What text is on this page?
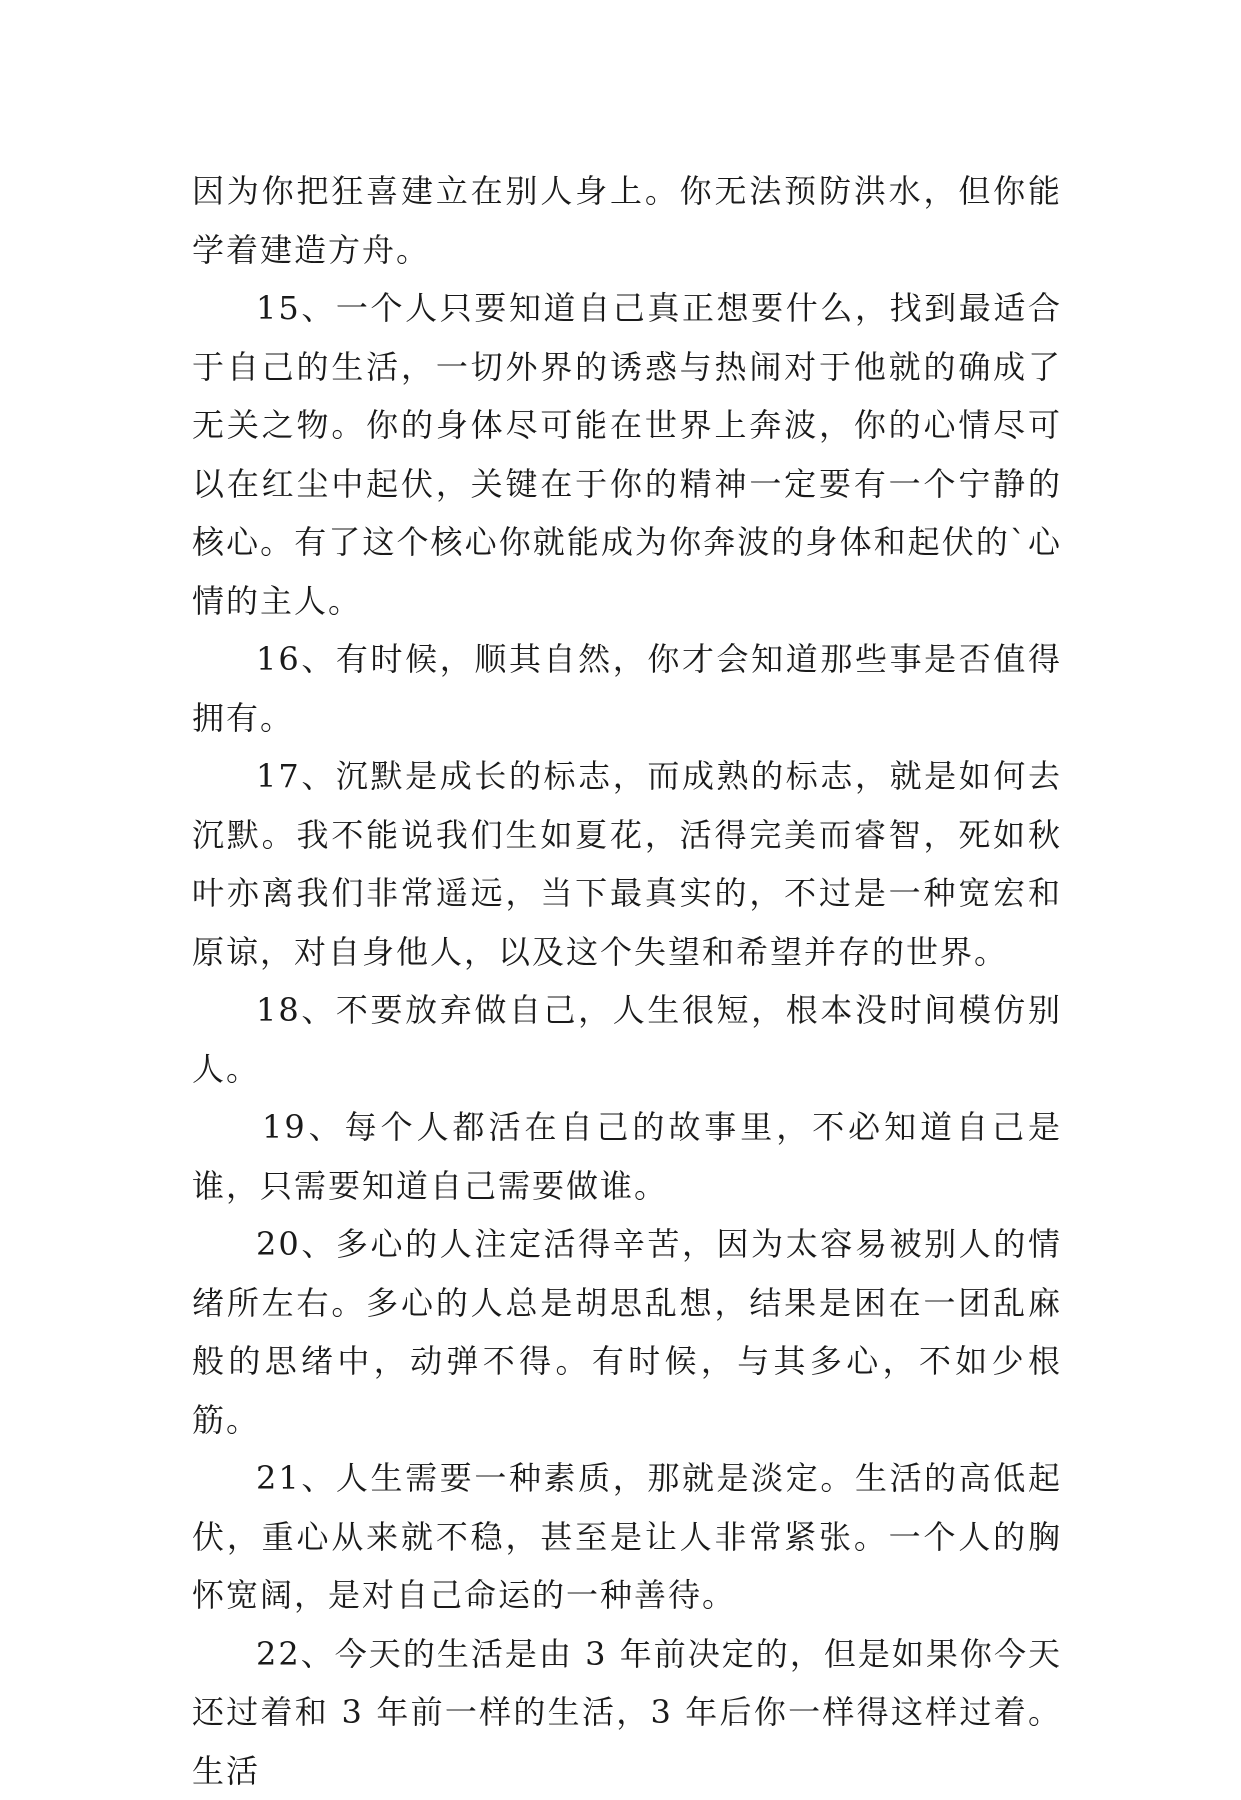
因为你把狂喜建立在别人身上。你无法预防洪水，但你能学着建造方舟。

15、一个人只要知道自己真正想要什么，找到最适合于自己的生活，一切外界的诱惑与热闹对于他就的确成了无关之物。你的身体尽可能在世界上奔波，你的心情尽可以在红尘中起伏，关键在于你的精神一定要有一个宁静的核心。有了这个核心你就能成为你奔波的身体和起伏的`心情的主人。

16、有时候，顺其自然，你才会知道那些事是否值得拥有。

17、沉默是成长的标志，而成熟的标志，就是如何去沉默。我不能说我们生如夏花，活得完美而睿智，死如秋叶亦离我们非常遥远，当下最真实的，不过是一种宽宏和原谅，对自身他人，以及这个失望和希望并存的世界。

18、不要放弃做自己，人生很短，根本没时间模仿别人。

19、每个人都活在自己的故事里，不必知道自己是谁，只需要知道自己需要做谁。

20、多心的人注定活得辛苦，因为太容易被别人的情绪所左右。多心的人总是胡思乱想，结果是困在一团乱麻般的思绪中，动弹不得。有时候，与其多心，不如少根筋。

21、人生需要一种素质，那就是淡定。生活的高低起伏，重心从来就不稳，甚至是让人非常紧张。一个人的胸怀宽阔，是对自己命运的一种善待。

22、今天的生活是由 3 年前决定的，但是如果你今天还过着和 3 年前一样的生活，3 年后你一样得这样过着。生活
